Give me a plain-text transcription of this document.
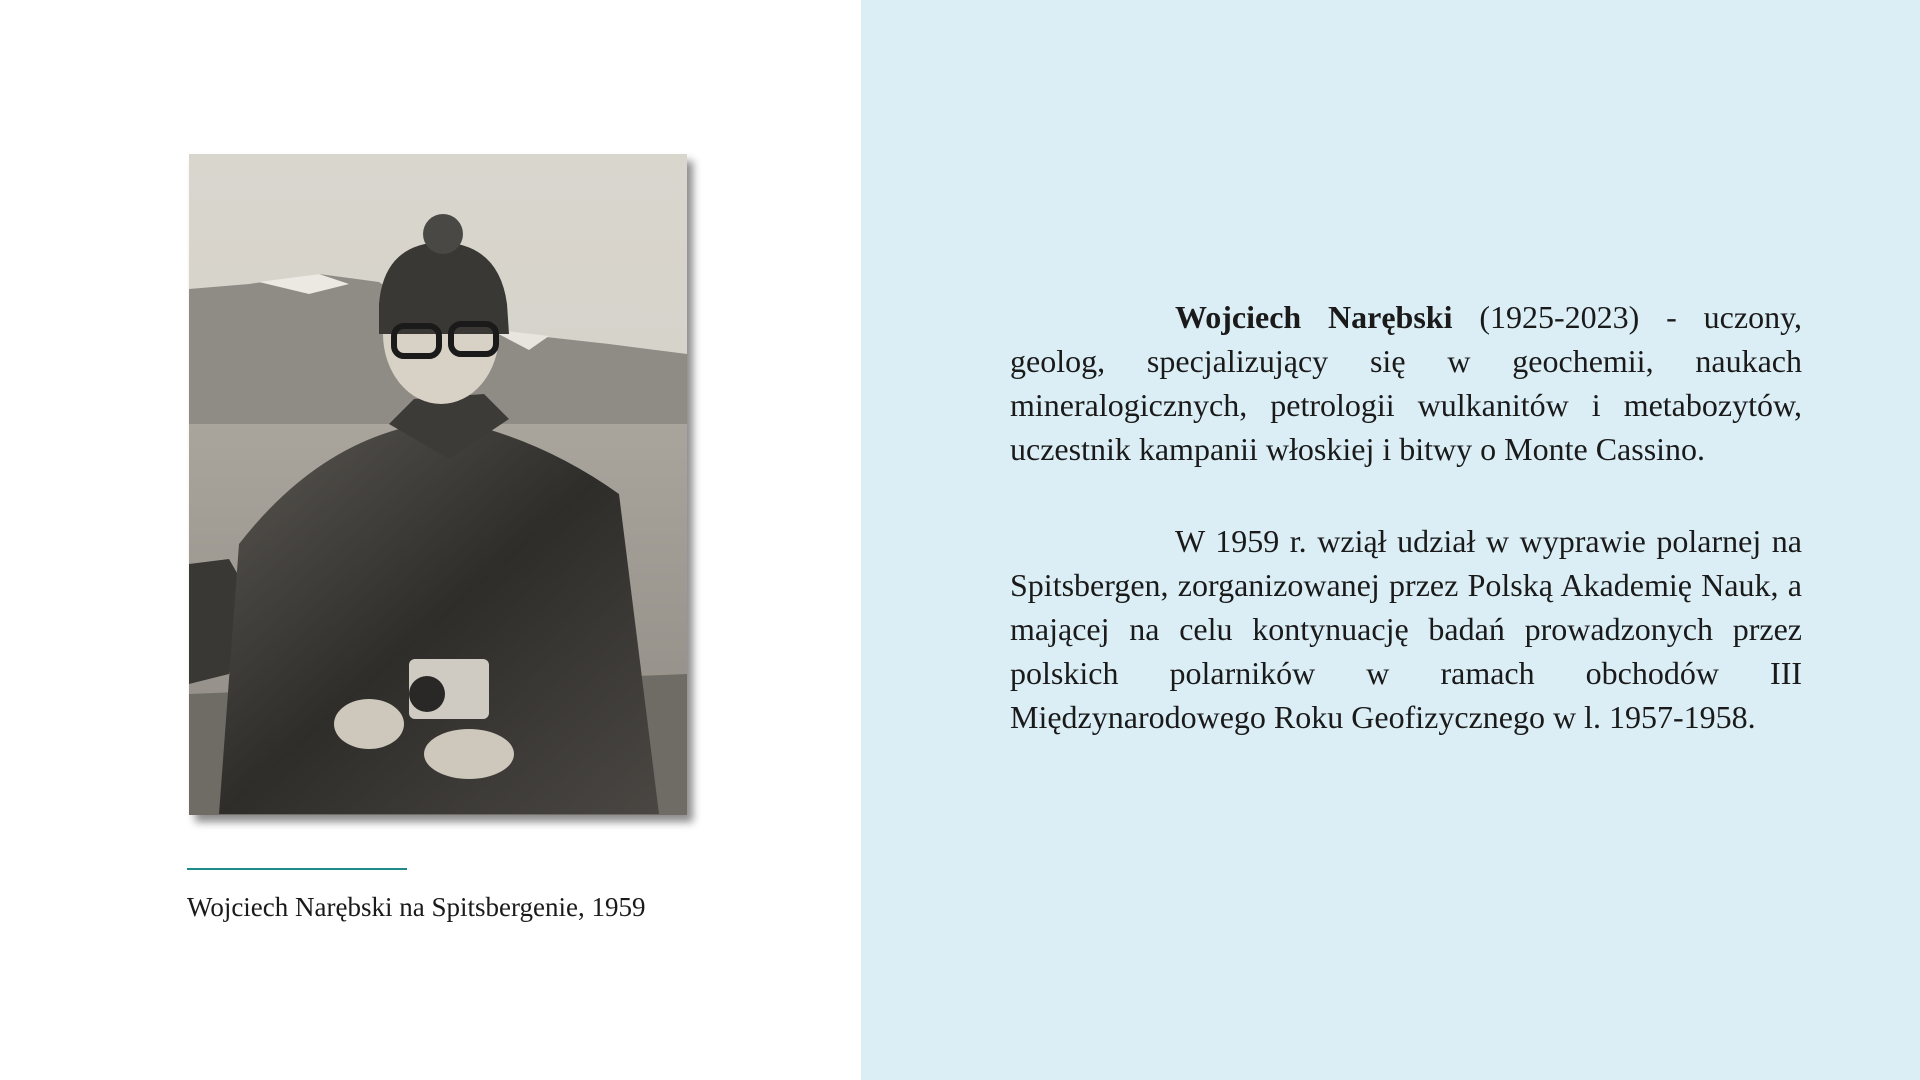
Wojciech Narębski na Spitsbergenie, 1959
Wojciech Narębski (1925-2023) - uczony, geolog, specjalizujący się w geochemii, naukach mineralogicznych, petrologii wulkanitów i metabozytów, uczestnik kampanii włoskiej i bitwy o Monte Cassino.
W 1959 r. wziął udział w wyprawie polarnej na Spitsbergen, zorganizowanej przez Polską Akademię Nauk, a mającej na celu kontynuację badań prowadzonych przez polskich polarników w ramach obchodów III Międzynarodowego Roku Geofizycznego w l. 1957-1958.
